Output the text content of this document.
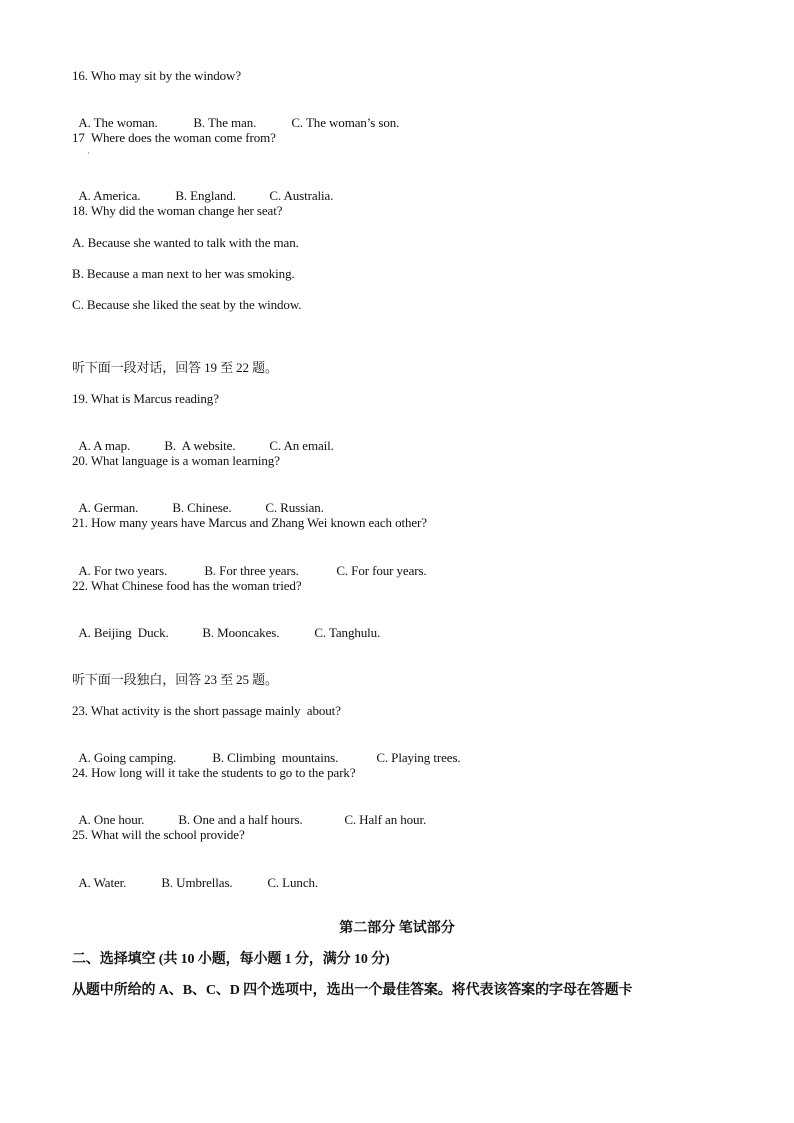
16. Who may sit by the window?

A. The woman.	B. The man.	C. The woman’s son.

17  Where does the woman come from?
·

A. America.	B. England.	C. Australia.

18. Why did the woman change her seat?
A. Because she wanted to talk with the man.
B. Because a man next to her was smoking.
C. Because she liked the seat by the window.
听下面一段对话，回答 19 至 22 题。
19. What is Marcus reading?

A. A map.	B.  A website.	C. An email.

20. What language is a woman learning?

A. German.	B. Chinese.	C. Russian.

21. How many years have Marcus and Zhang Wei known each other?

A. For two years.	B. For three years.	C. For four years.

22. What Chinese food has the woman tried?

A. Beijing  Duck.	B. Mooncakes.	C. Tanghulu.

听下面一段独白，回答 23 至 25 题。
23. What activity is the short passage mainly  about?

A. Going camping.	B. Climbing  mountains.	C. Playing trees.

24. How long will it take the students to go to the park?

A. One hour.	B. One and a half hours.	C. Half an hour.

25. What will the school provide?

A. Water.	B. Umbrellas.	C. Lunch.

第二部分 笔试部分
二、选择填空 (共 10 小题，每小题 1 分，满分 10 分)
从题中所给的 A、B、C、D 四个选项中，选出一个最佳答案。将代表该答案的字母在答题卡
